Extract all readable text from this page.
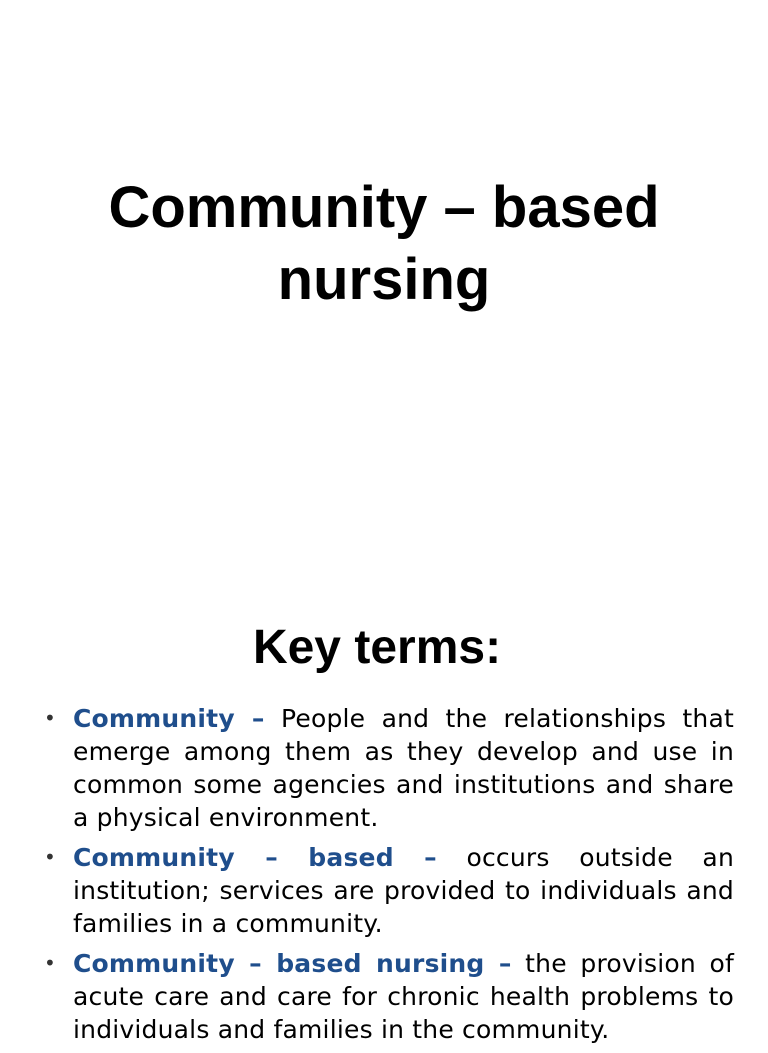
Community – based
nursing
Key terms:
• Community – People and the relationships that emerge among them as they develop and use in common some agencies and institutions and share a physical environment.
• Community – based – occurs outside an institution; services are provided to individuals and families in a community.
• Community – based nursing – the provision of acute care and care for chronic health problems to individuals and families in the community.
